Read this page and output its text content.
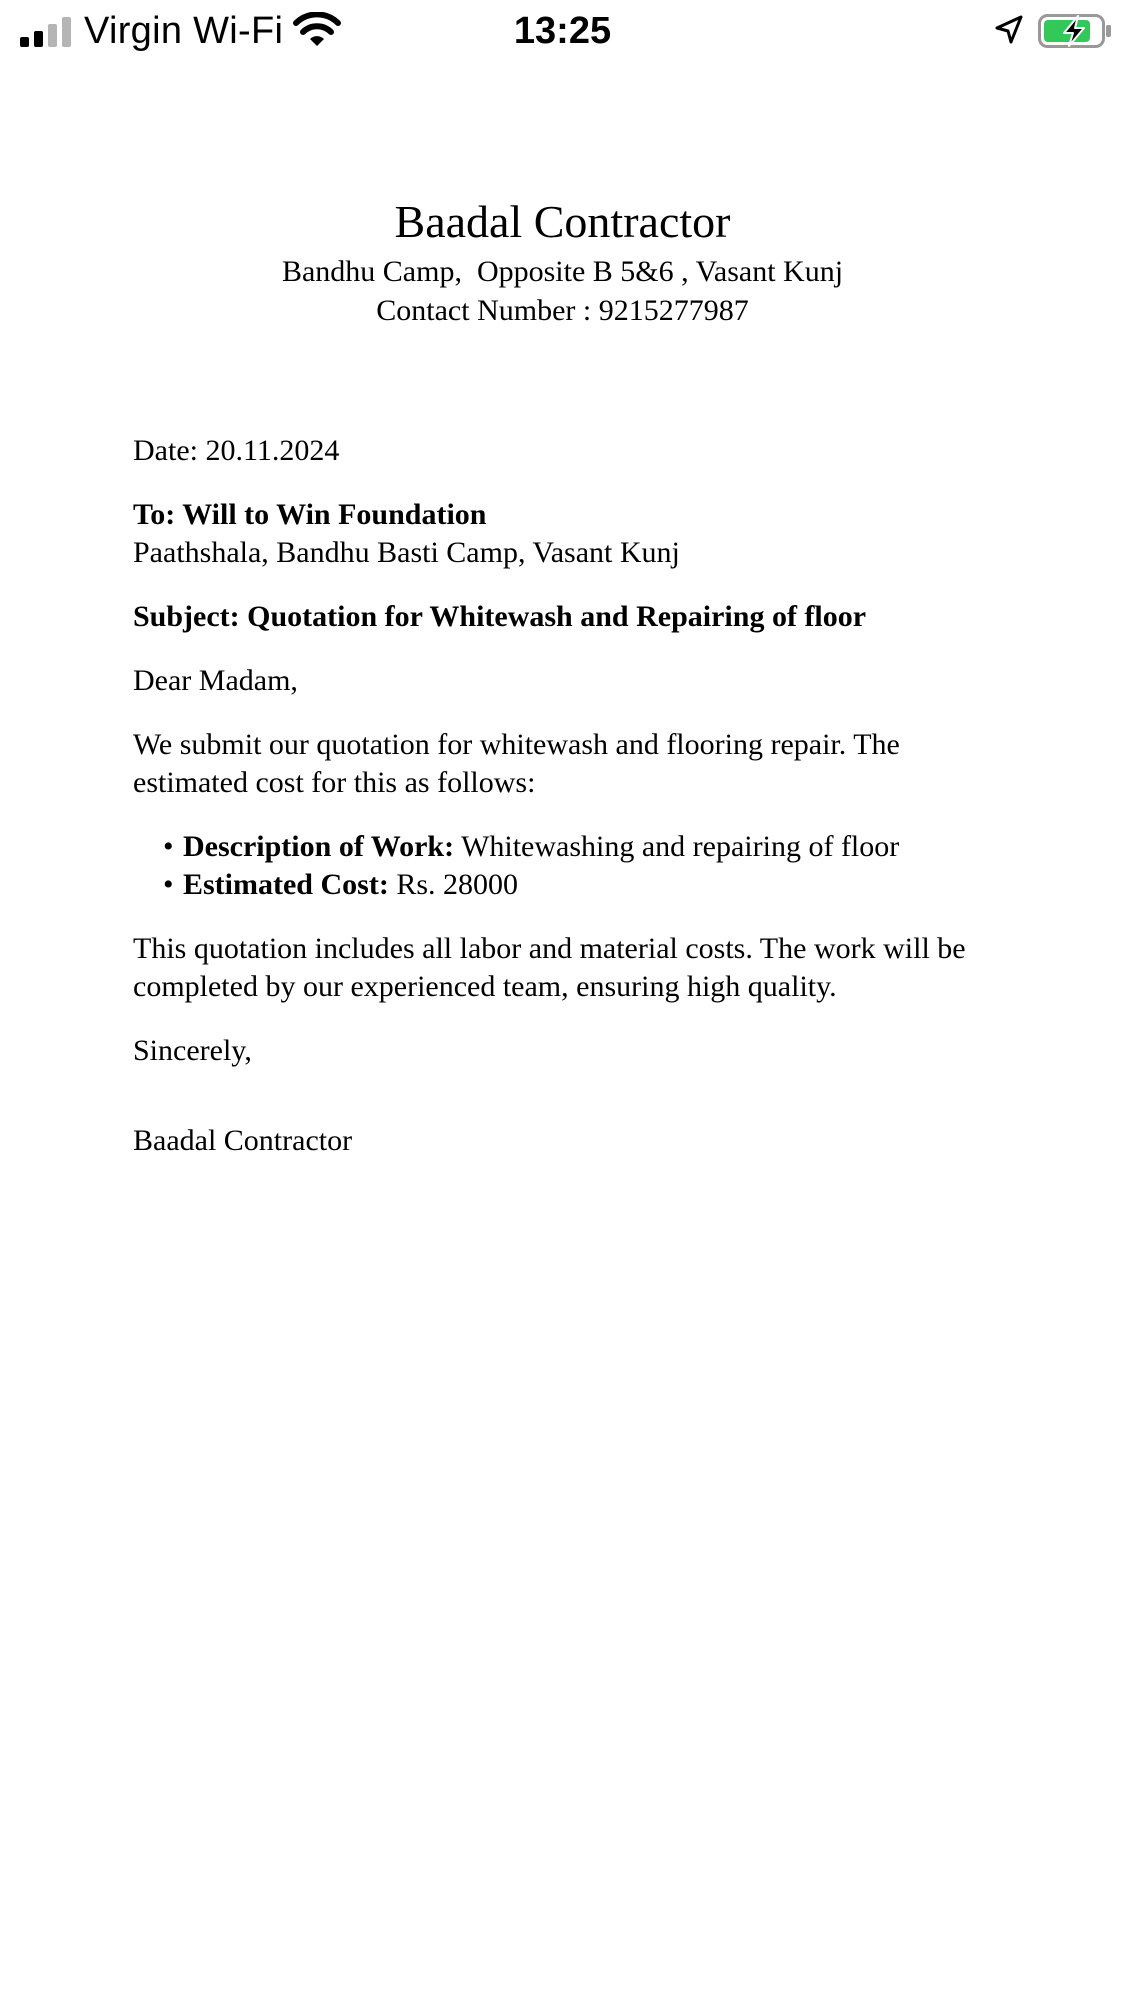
Virgin Wi-Fi	13:25

Baadal Contractor

Bandhu Camp,  Opposite B 5&6 , Vasant Kunj

Contact Number : 9215277987

Date: 20.11.2024

To: Will to Win Foundation

Paathshala, Bandhu Basti Camp, Vasant Kunj

Subject: Quotation for Whitewash and Repairing of floor

Dear Madam,

We submit our quotation for whitewash and flooring repair. The estimated cost for this as follows:

• Description of Work: Whitewashing and repairing of floor
• Estimated Cost: Rs. 28000

This quotation includes all labor and material costs. The work will be completed by our experienced team, ensuring high quality.

Sincerely,

Baadal Contractor
